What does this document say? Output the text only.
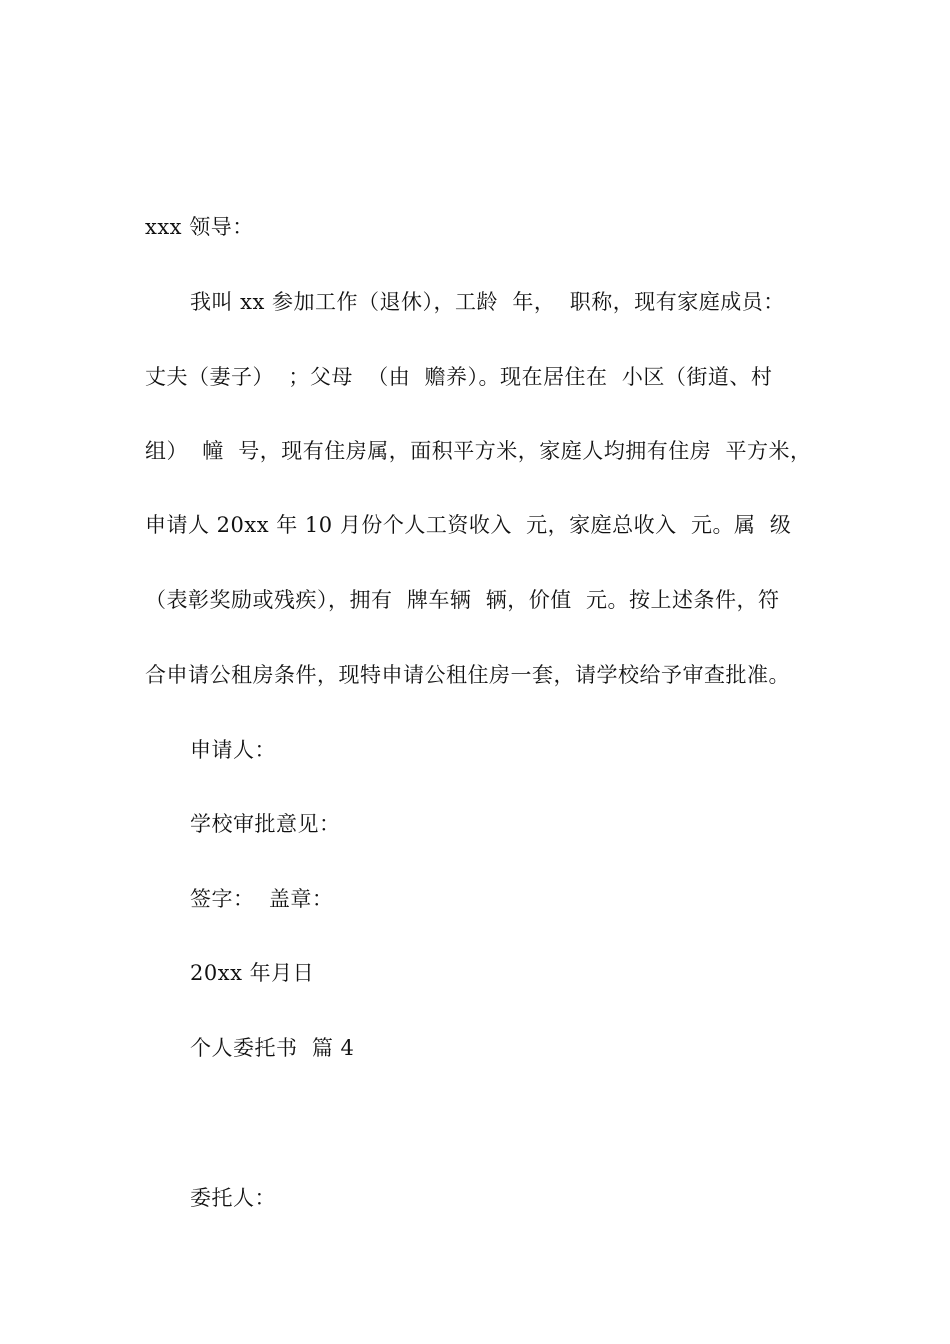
xxx 领导：
我叫 xx 参加工作（退休），工龄  年，  职称，现有家庭成员：
丈夫（妻子）  ；父母  （由  赡养）。现在居住在  小区（街道、村
组）  幢  号，现有住房属，面积平方米，家庭人均拥有住房  平方米，
申请人 20xx 年 10 月份个人工资收入  元，家庭总收入  元。属  级
（表彰奖励或残疾），拥有  牌车辆  辆，价值  元。按上述条件，符
合申请公租房条件，现特申请公租住房一套，请学校给予审查批准。
申请人：
学校审批意见：
签字：  盖章：
20xx 年月日
个人委托书  篇 4
委托人：
